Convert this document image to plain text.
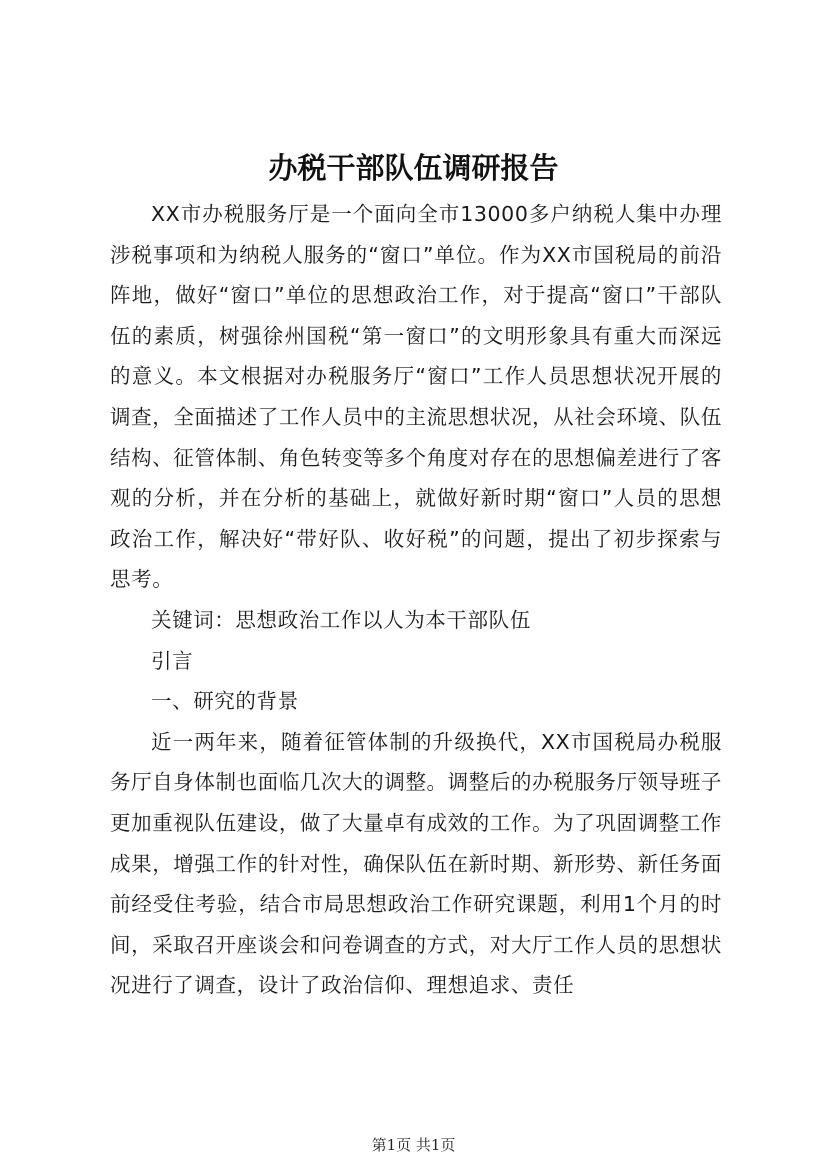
办税干部队伍调研报告

XX市办税服务厅是一个面向全市13000多户纳税人集中办理涉税事项和为纳税人服务的“窗口”单位。作为XX市国税局的前沿阵地，做好“窗口”单位的思想政治工作，对于提高“窗口”干部队伍的素质，树强徐州国税“第一窗口”的文明形象具有重大而深远的意义。本文根据对办税服务厅“窗口”工作人员思想状况开展的调查，全面描述了工作人员中的主流思想状况，从社会环境、队伍结构、征管体制、角色转变等多个角度对存在的思想偏差进行了客观的分析，并在分析的基础上，就做好新时期“窗口”人员的思想政治工作，解决好“带好队、收好税”的问题，提出了初步探索与思考。

关键词：思想政治工作以人为本干部队伍

引言

一、研究的背景

近一两年来，随着征管体制的升级换代，XX市国税局办税服务厅自身体制也面临几次大的调整。调整后的办税服务厅领导班子更加重视队伍建设，做了大量卓有成效的工作。为了巩固调整工作成果，增强工作的针对性，确保队伍在新时期、新形势、新任务面前经受住考验，结合市局思想政治工作研究课题，利用1个月的时间，采取召开座谈会和问卷调查的方式，对大厅工作人员的思想状况进行了调查，设计了政治信仰、理想追求、责任

第1页 共1页
